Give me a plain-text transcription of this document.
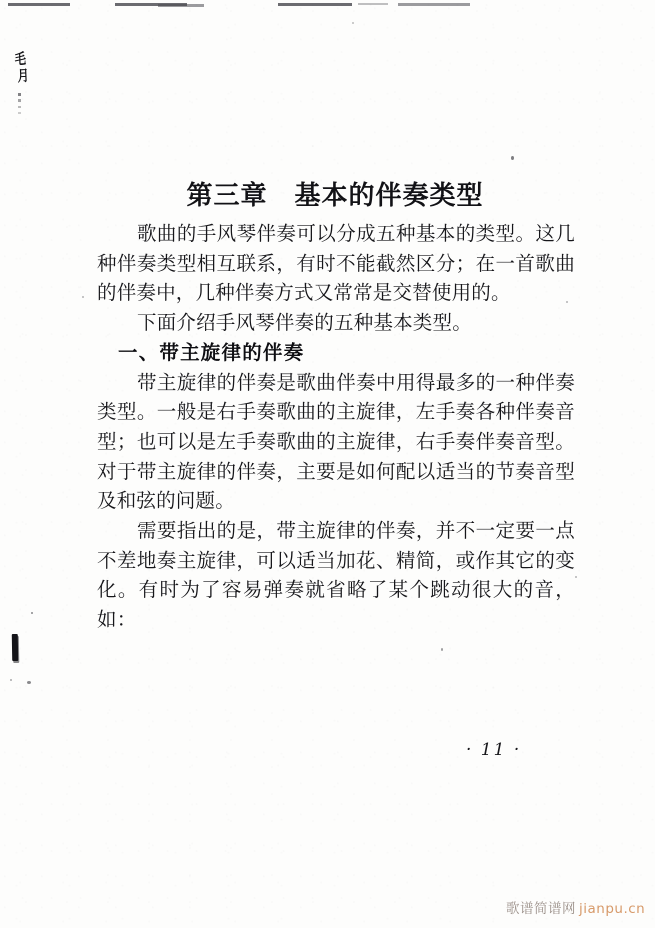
毛
月
第三章　基本的伴奏类型

歌曲的手风琴伴奏可以分成五种基本的类型。这几种伴奏类型相互联系，有时不能截然区分；在一首歌曲的伴奏中，几种伴奏方式又常常是交替使用的。

下面介绍手风琴伴奏的五种基本类型。

一、带主旋律的伴奏

带主旋律的伴奏是歌曲伴奏中用得最多的一种伴奏类型。一般是右手奏歌曲的主旋律，左手奏各种伴奏音型；也可以是左手奏歌曲的主旋律，右手奏伴奏音型。对于带主旋律的伴奏，主要是如何配以适当的节奏音型及和弦的问题。

需要指出的是，带主旋律的伴奏，并不一定要一点不差地奏主旋律，可以适当加花、精简，或作其它的变化。有时为了容易弹奏就省略了某个跳动很大的音，如：

· 11 ·
歌谱简谱网 jianpu.cn
